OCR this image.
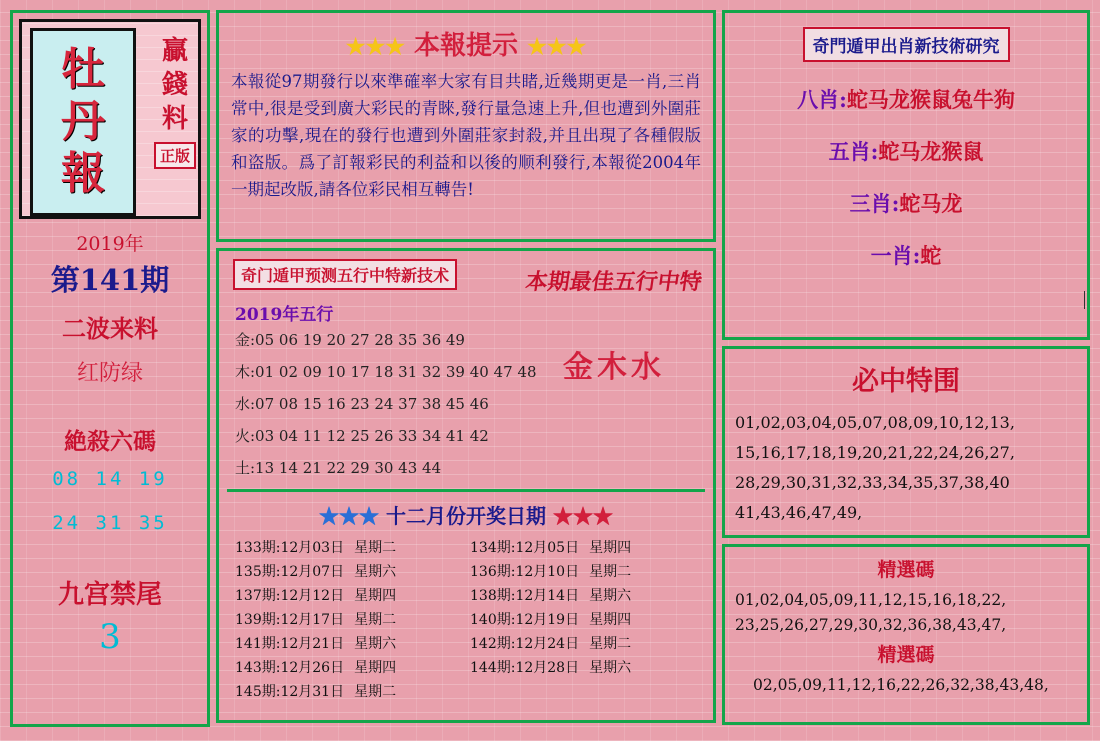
牡
丹
報
贏
錢
料
正版
2019年
第141期
二波来料
红防绿
絶殺六碼
08 14 19
24 31 35
九宫禁尾
3
★★★ 本報提示 ★★★
本報從97期發行以來準確率大家有目共睹,近幾期更是一肖,三肖常中,很是受到廣大彩民的青睞,發行量急速上升,但也遭到外圍莊家的功擊,現在的發行也遭到外圍莊家封殺,并且出現了各種假版和盗版。爲了訂報彩民的利益和以後的顺利發行,本報從2004年一期起改版,請各位彩民相互轉告!
奇门遁甲预测五行中特新技术
2019年五行
金:05 06 19 20 27 28 35 36 49
木:01 02 09 10 17 18 31 32 39 40 47 48
水:07 08 15 16 23 24 37 38 45 46
火:03 04 11 12 25 26 33 34 41 42
土:13 14 21 22 29 30 43 44
本期最佳五行中特
金木水
★★★ 十二月份开奖日期 ★★★
133期:12月03日 星期二	134期:12月05日 星期四
135期:12月07日 星期六	136期:12月10日 星期二
137期:12月12日 星期四	138期:12月14日 星期六
139期:12月17日 星期二	140期:12月19日 星期四
141期:12月21日 星期六	142期:12月24日 星期二
143期:12月26日 星期四	144期:12月28日 星期六
145期:12月31日 星期二
奇門遁甲出肖新技術研究
八肖:蛇马龙猴鼠兔牛狗
五肖:蛇马龙猴鼠
三肖:蛇马龙
一肖:蛇
必中特围
01,02,03,04,05,07,08,09,10,12,13,
15,16,17,18,19,20,21,22,24,26,27,
28,29,30,31,32,33,34,35,37,38,40
41,43,46,47,49,
精選碼
01,02,04,05,09,11,12,15,16,18,22,
23,25,26,27,29,30,32,36,38,43,47,
精選碼
02,05,09,11,12,16,22,26,32,38,43,48,
